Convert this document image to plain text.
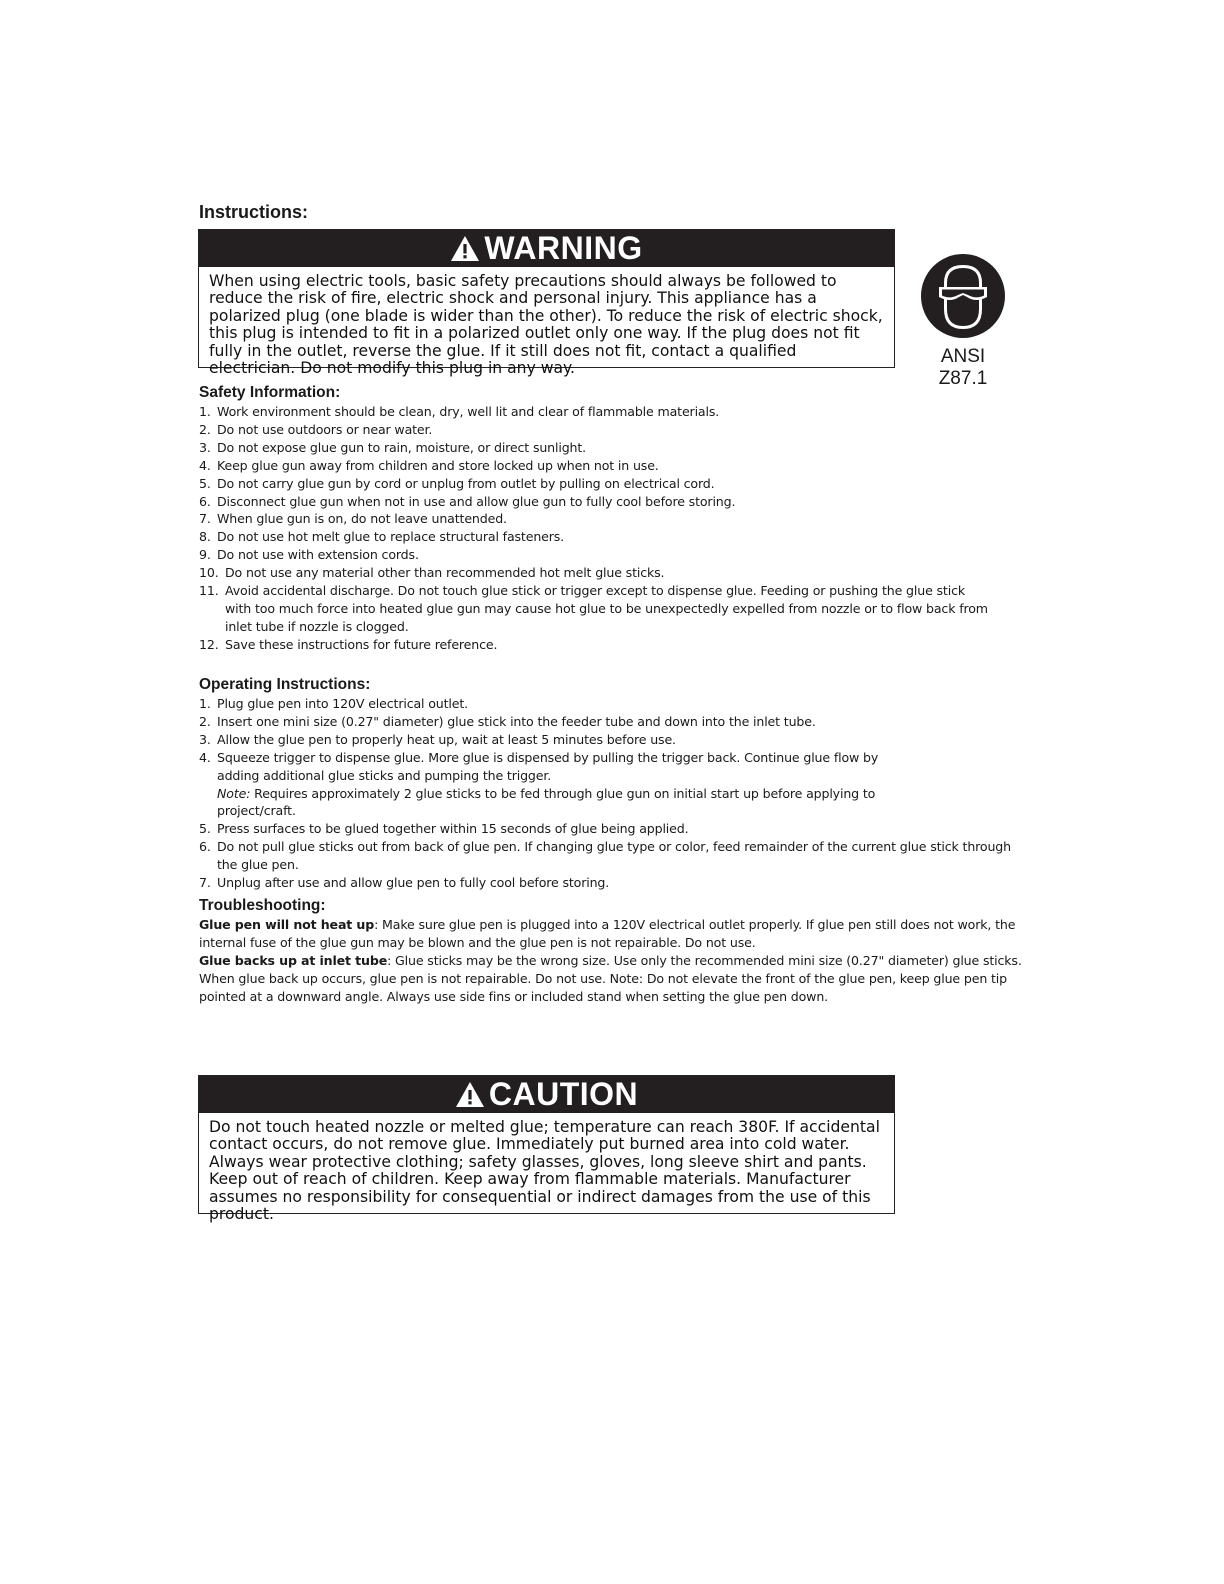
Instructions:
WARNING
When using electric tools, basic safety precautions should always be followed to reduce the risk of fire, electric shock and personal injury. This appliance has a polarized plug (one blade is wider than the other). To reduce the risk of electric shock, this plug is intended to fit in a polarized outlet only one way. If the plug does not fit fully in the outlet, reverse the glue. If it still does not fit, contact a qualified electrician. Do not modify this plug in any way.
ANSI Z87.1
Safety Information:
1. Work environment should be clean, dry, well lit and clear of flammable materials.
2. Do not use outdoors or near water.
3. Do not expose glue gun to rain, moisture, or direct sunlight.
4. Keep glue gun away from children and store locked up when not in use.
5. Do not carry glue gun by cord or unplug from outlet by pulling on electrical cord.
6. Disconnect glue gun when not in use and allow glue gun to fully cool before storing.
7. When glue gun is on, do not leave unattended.
8. Do not use hot melt glue to replace structural fasteners.
9. Do not use with extension cords.
10. Do not use any material other than recommended hot melt glue sticks.
11. Avoid accidental discharge. Do not touch glue stick or trigger except to dispense glue. Feeding or pushing the glue stick with too much force into heated glue gun may cause hot glue to be unexpectedly expelled from nozzle or to flow back from inlet tube if nozzle is clogged.
12. Save these instructions for future reference.
Operating Instructions:
1. Plug glue pen into 120V electrical outlet.
2. Insert one mini size (0.27" diameter) glue stick into the feeder tube and down into the inlet tube.
3. Allow the glue pen to properly heat up, wait at least 5 minutes before use.
4. Squeeze trigger to dispense glue. More glue is dispensed by pulling the trigger back. Continue glue flow by adding additional glue sticks and pumping the trigger.
Note: Requires approximately 2 glue sticks to be fed through glue gun on initial start up before applying to project/craft.
5. Press surfaces to be glued together within 15 seconds of glue being applied.
6. Do not pull glue sticks out from back of glue pen. If changing glue type or color, feed remainder of the current glue stick through the glue pen.
7. Unplug after use and allow glue pen to fully cool before storing.
Troubleshooting:

Glue pen will not heat up: Make sure glue pen is plugged into a 120V electrical outlet properly. If glue pen still does not work, the internal fuse of the glue gun may be blown and the glue pen is not repairable. Do not use.

Glue backs up at inlet tube: Glue sticks may be the wrong size. Use only the recommended mini size (0.27" diameter) glue sticks. When glue back up occurs, glue pen is not repairable. Do not use. Note: Do not elevate the front of the glue pen, keep glue pen tip pointed at a downward angle. Always use side fins or included stand when setting the glue pen down.

CAUTION
Do not touch heated nozzle or melted glue; temperature can reach 380F. If accidental contact occurs, do not remove glue. Immediately put burned area into cold water. Always wear protective clothing; safety glasses, gloves, long sleeve shirt and pants. Keep out of reach of children. Keep away from flammable materials. Manufacturer assumes no responsibility for consequential or indirect damages from the use of this product.
